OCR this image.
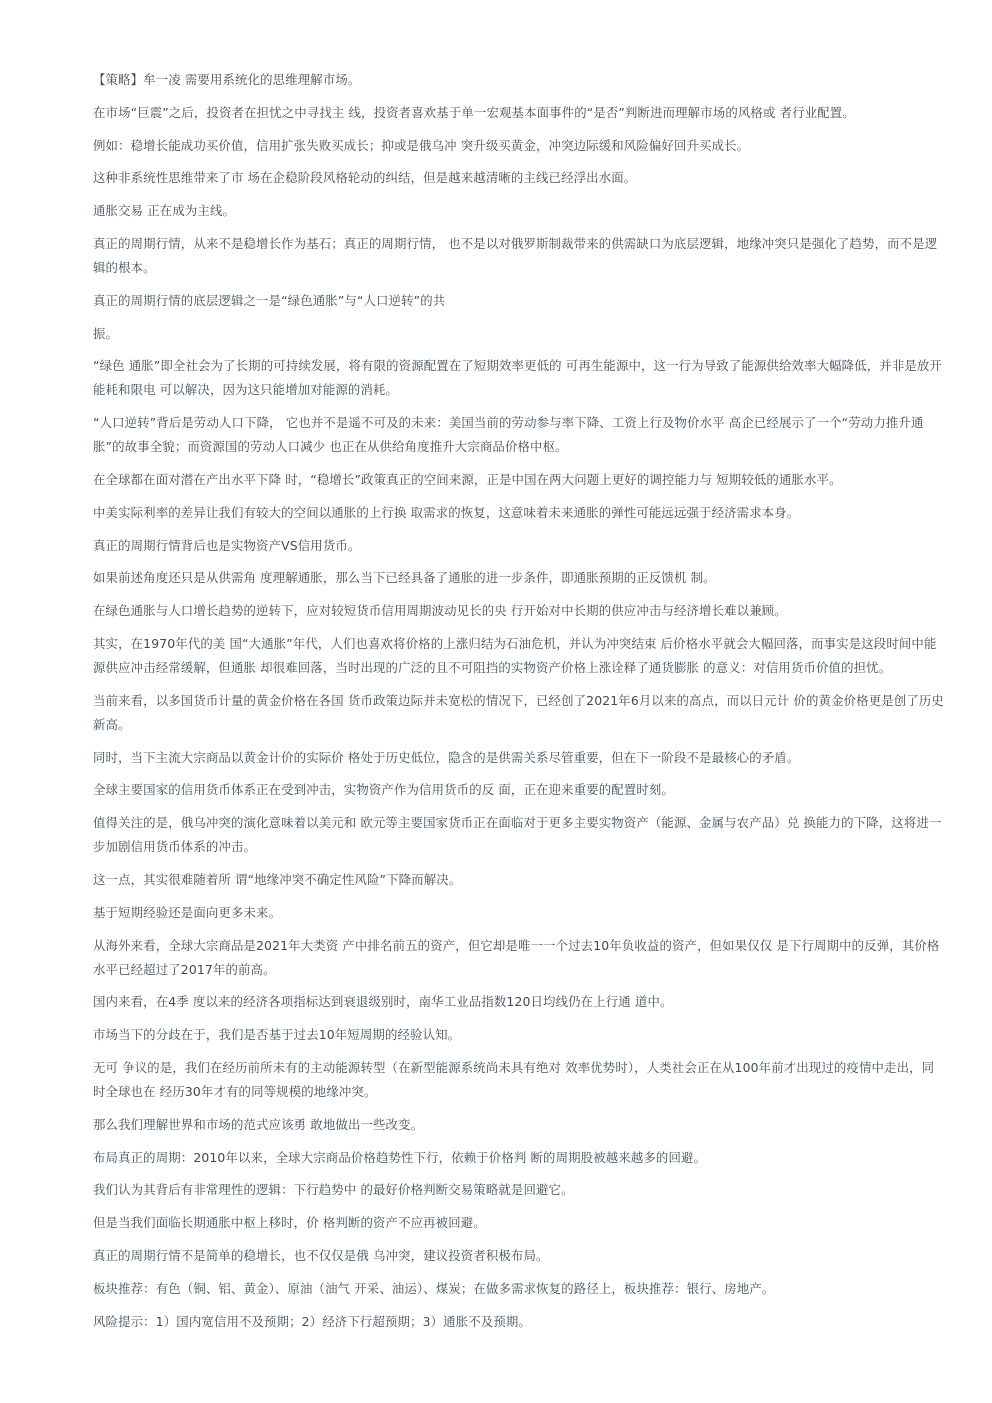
【策略】牟一凌 需要用系统化的思维理解市场。

在市场“巨震”之后，投资者在担忧之中寻找主 线，投资者喜欢基于单一宏观基本面事件的“是否”判断进而理解市场的风格或 者行业配置。

例如：稳增长能成功买价值，信用扩张失败买成长；抑或是俄乌冲 突升级买黄金，冲突边际缓和风险偏好回升买成长。

这种非系统性思维带来了市 场在企稳阶段风格轮动的纠结，但是越来越清晰的主线已经浮出水面。

通胀交易 正在成为主线。

真正的周期行情，从来不是稳增长作为基石；真正的周期行情， 也不是以对俄罗斯制裁带来的供需缺口为底层逻辑，地缘冲突只是强化了趋势，而不是逻辑的根本。

真正的周期行情的底层逻辑之一是“绿色通胀”与“人口逆转”的共

振。

“绿色 通胀”即全社会为了长期的可持续发展，将有限的资源配置在了短期效率更低的 可再生能源中，这一行为导致了能源供给效率大幅降低，并非是放开能耗和限电 可以解决，因为这只能增加对能源的消耗。

“人口逆转”背后是劳动人口下降， 它也并不是遥不可及的未来：美国当前的劳动参与率下降、工资上行及物价水平 高企已经展示了一个“劳动力推升通胀”的故事全貌；而资源国的劳动人口减少 也正在从供给角度推升大宗商品价格中枢。

在全球都在面对潜在产出水平下降 时，“稳增长”政策真正的空间来源，正是中国在两大问题上更好的调控能力与 短期较低的通胀水平。

中美实际利率的差异让我们有较大的空间以通胀的上行换 取需求的恢复，这意味着未来通胀的弹性可能远远强于经济需求本身。

真正的周期行情背后也是实物资产VS信用货币。

如果前述角度还只是从供需角 度理解通胀，那么当下已经具备了通胀的进一步条件，即通胀预期的正反馈机 制。

在绿色通胀与人口增长趋势的逆转下，应对较短货币信用周期波动见长的央 行开始对中长期的供应冲击与经济增长难以兼顾。

其实，在1970年代的美 国“大通胀”年代，人们也喜欢将价格的上涨归结为石油危机，并认为冲突结束 后价格水平就会大幅回落，而事实是这段时间中能源供应冲击经常缓解，但通胀 却很难回落，当时出现的广泛的且不可阻挡的实物资产价格上涨诠释了通货膨胀 的意义：对信用货币价值的担忧。

当前来看，以多国货币计量的黄金价格在各国 货币政策边际并未宽松的情况下，已经创了2021年6月以来的高点，而以日元计 价的黄金价格更是创了历史新高。

同时，当下主流大宗商品以黄金计价的实际价 格处于历史低位，隐含的是供需关系尽管重要，但在下一阶段不是最核心的矛盾。

全球主要国家的信用货币体系正在受到冲击，实物资产作为信用货币的反 面，正在迎来重要的配置时刻。

值得关注的是，俄乌冲突的演化意味着以美元和 欧元等主要国家货币正在面临对于更多主要实物资产（能源、金属与农产品）兑 换能力的下降，这将进一步加剧信用货币体系的冲击。

这一点，其实很难随着所 谓“地缘冲突不确定性风险”下降而解决。

基于短期经验还是面向更多未来。

从海外来看，全球大宗商品是2021年大类资 产中排名前五的资产，但它却是唯一一个过去10年负收益的资产，但如果仅仅 是下行周期中的反弹，其价格水平已经超过了2017年的前高。

国内来看，在4季 度以来的经济各项指标达到衰退级别时，南华工业品指数120日均线仍在上行通 道中。

市场当下的分歧在于，我们是否基于过去10年短周期的经验认知。

无可 争议的是，我们在经历前所未有的主动能源转型（在新型能源系统尚未具有绝对 效率优势时），人类社会正在从100年前才出现过的疫情中走出，同时全球也在 经历30年才有的同等规模的地缘冲突。

那么我们理解世界和市场的范式应该勇 敢地做出一些改变。

布局真正的周期：2010年以来，全球大宗商品价格趋势性下行，依赖于价格判 断的周期股被越来越多的回避。

我们认为其背后有非常理性的逻辑：下行趋势中 的最好价格判断交易策略就是回避它。

但是当我们面临长期通胀中枢上移时，价 格判断的资产不应再被回避。

真正的周期行情不是简单的稳增长，也不仅仅是俄 乌冲突，建议投资者积极布局。

板块推荐：有色（铜、铝、黄金）、原油（油气 开采、油运）、煤炭；在做多需求恢复的路径上，板块推荐：银行、房地产。

风险提示：1）国内宽信用不及预期；2）经济下行超预期；3）通胀不及预期。
